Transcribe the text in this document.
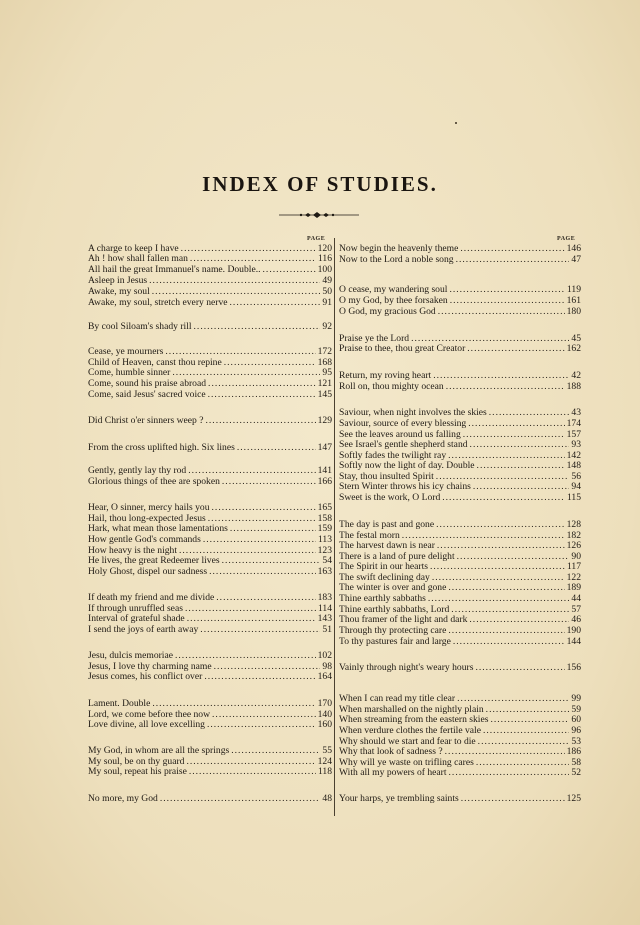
INDEX OF STUDIES.
PAGE	PAGE
A charge to keep I have .....	120
Ah ! how shall fallen man .....	116
All hail the great Immanuel's name. Double.. .....	100
Asleep in Jesus .....	49
Awake, my soul .....	50
Awake, my soul, stretch every nerve .....	91
By cool Siloam's shady rill .....	92
Cease, ye mourners .....	172
Child of Heaven, canst thou repine .....	168
Come, humble sinner .....	95
Come, sound his praise abroad .....	121
Come, said Jesus' sacred voice .....	145
Did Christ o'er sinners weep ? .....	129
From the cross uplifted high. Six lines .....	147
Gently, gently lay thy rod .....	141
Glorious things of thee are spoken .....	166
Hear, O sinner, mercy hails you .....	165
Hail, thou long-expected Jesus .....	158
Hark, what mean those lamentations .....	159
How gentle God's commands .....	113
How heavy is the night .....	123
He lives, the great Redeemer lives .....	54
Holy Ghost, dispel our sadness .....	163
If death my friend and me divide .....	183
If through unruffled seas .....	114
Interval of grateful shade .....	143
I send the joys of earth away .....	51
Jesu, dulcis memoriae .....	102
Jesus, I love thy charming name .....	98
Jesus comes, his conflict over .....	164
Lament. Double .....	170
Lord, we come before thee now .....	140
Love divine, all love excelling .....	160
My God, in whom are all the springs .....	55
My soul, be on thy guard .....	124
My soul, repeat his praise .....	118
No more, my God .....	48
Now begin the heavenly theme .....	146
Now to the Lord a noble song .....	47
O cease, my wandering soul .....	119
O my God, by thee forsaken .....	161
O God, my gracious God .....	180
Praise ye the Lord .....	45
Praise to thee, thou great Creator .....	162
Return, my roving heart .....	42
Roll on, thou mighty ocean .....	188
Saviour, when night involves the skies .....	43
Saviour, source of every blessing .....	174
See the leaves around us falling .....	157
See Israel's gentle shepherd stand .....	93
Softly fades the twilight ray .....	142
Softly now the light of day. Double .....	148
Stay, thou insulted Spirit .....	56
Stern Winter throws his icy chains .....	94
Sweet is the work, O Lord .....	115
The day is past and gone .....	128
The festal morn .....	182
The harvest dawn is near .....	126
There is a land of pure delight .....	90
The Spirit in our hearts .....	117
The swift declining day .....	122
The winter is over and gone .....	189
Thine earthly sabbaths .....	44
Thine earthly sabbaths, Lord .....	57
Thou framer of the light and dark .....	46
Through thy protecting care .....	190
To thy pastures fair and large .....	144
Vainly through night's weary hours .....	156
When I can read my title clear .....	99
When marshalled on the nightly plain .....	59
When streaming from the eastern skies .....	60
When verdure clothes the fertile vale .....	96
Why should we start and fear to die .....	53
Why that look of sadness ? .....	186
Why will ye waste on trifling cares .....	58
With all my powers of heart .....	52
Your harps, ye trembling saints .....	125
